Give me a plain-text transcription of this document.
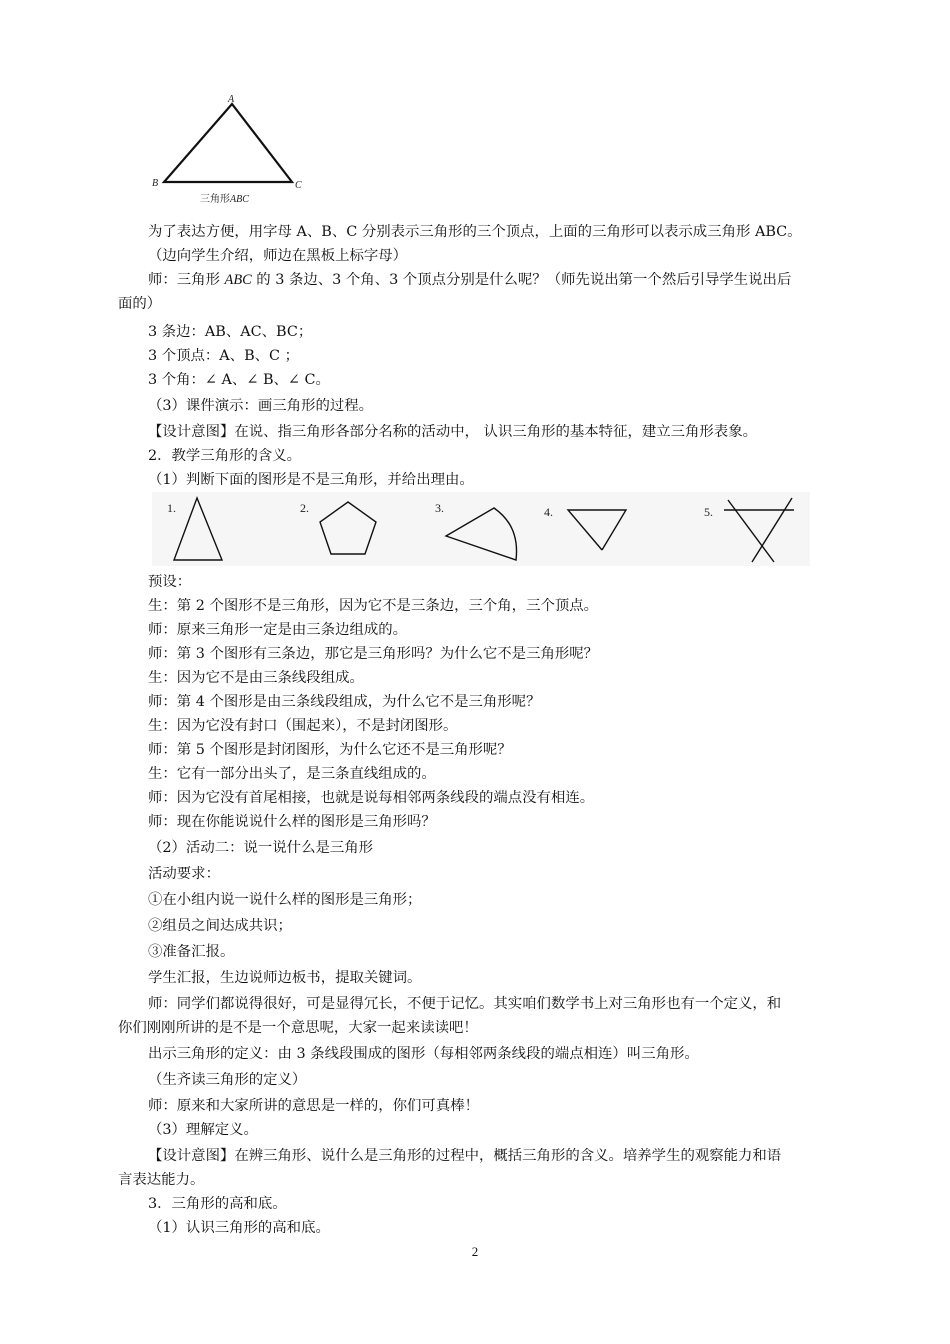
A
B	C
三角形ABC
为了表达方便，用字母 A、B、C 分别表示三角形的三个顶点，上面的三角形可以表示成三角形 ABC。
（边向学生介绍，师边在黑板上标字母）
师：三角形 ABC 的 3 条边、3 个角、3 个顶点分别是什么呢？（师先说出第一个然后引导学生说出后
面的）
3 条边：AB、AC、BC；
3 个顶点：A、B、C ；
3 个角：∠ A、∠ B、∠ C。
（3）课件演示：画三角形的过程。
【设计意图】在说、指三角形各部分名称的活动中， 认识三角形的基本特征，建立三角形表象。
2．教学三角形的含义。
（1）判断下面的图形是不是三角形，并给出理由。
1.	2.	3.	4.	5.
预设：
生：第 2 个图形不是三角形，因为它不是三条边，三个角，三个顶点。
师：原来三角形一定是由三条边组成的。
师：第 3 个图形有三条边，那它是三角形吗？为什么它不是三角形呢？
生：因为它不是由三条线段组成。
师：第 4 个图形是由三条线段组成，为什么它不是三角形呢？
生：因为它没有封口（围起来），不是封闭图形。
师：第 5 个图形是封闭图形，为什么它还不是三角形呢？
生：它有一部分出头了，是三条直线组成的。
师：因为它没有首尾相接，也就是说每相邻两条线段的端点没有相连。
师：现在你能说说什么样的图形是三角形吗？
（2）活动二：说一说什么是三角形
活动要求：
①在小组内说一说什么样的图形是三角形；
②组员之间达成共识；
③准备汇报。
学生汇报，生边说师边板书，提取关键词。
师：同学们都说得很好，可是显得冗长，不便于记忆。其实咱们数学书上对三角形也有一个定义，和
你们刚刚所讲的是不是一个意思呢，大家一起来读读吧！
出示三角形的定义：由 3 条线段围成的图形（每相邻两条线段的端点相连）叫三角形。
（生齐读三角形的定义）
师：原来和大家所讲的意思是一样的，你们可真棒！
（3）理解定义。
【设计意图】在辨三角形、说什么是三角形的过程中，概括三角形的含义。培养学生的观察能力和语
言表达能力。
3．三角形的高和底。
（1）认识三角形的高和底。
2
